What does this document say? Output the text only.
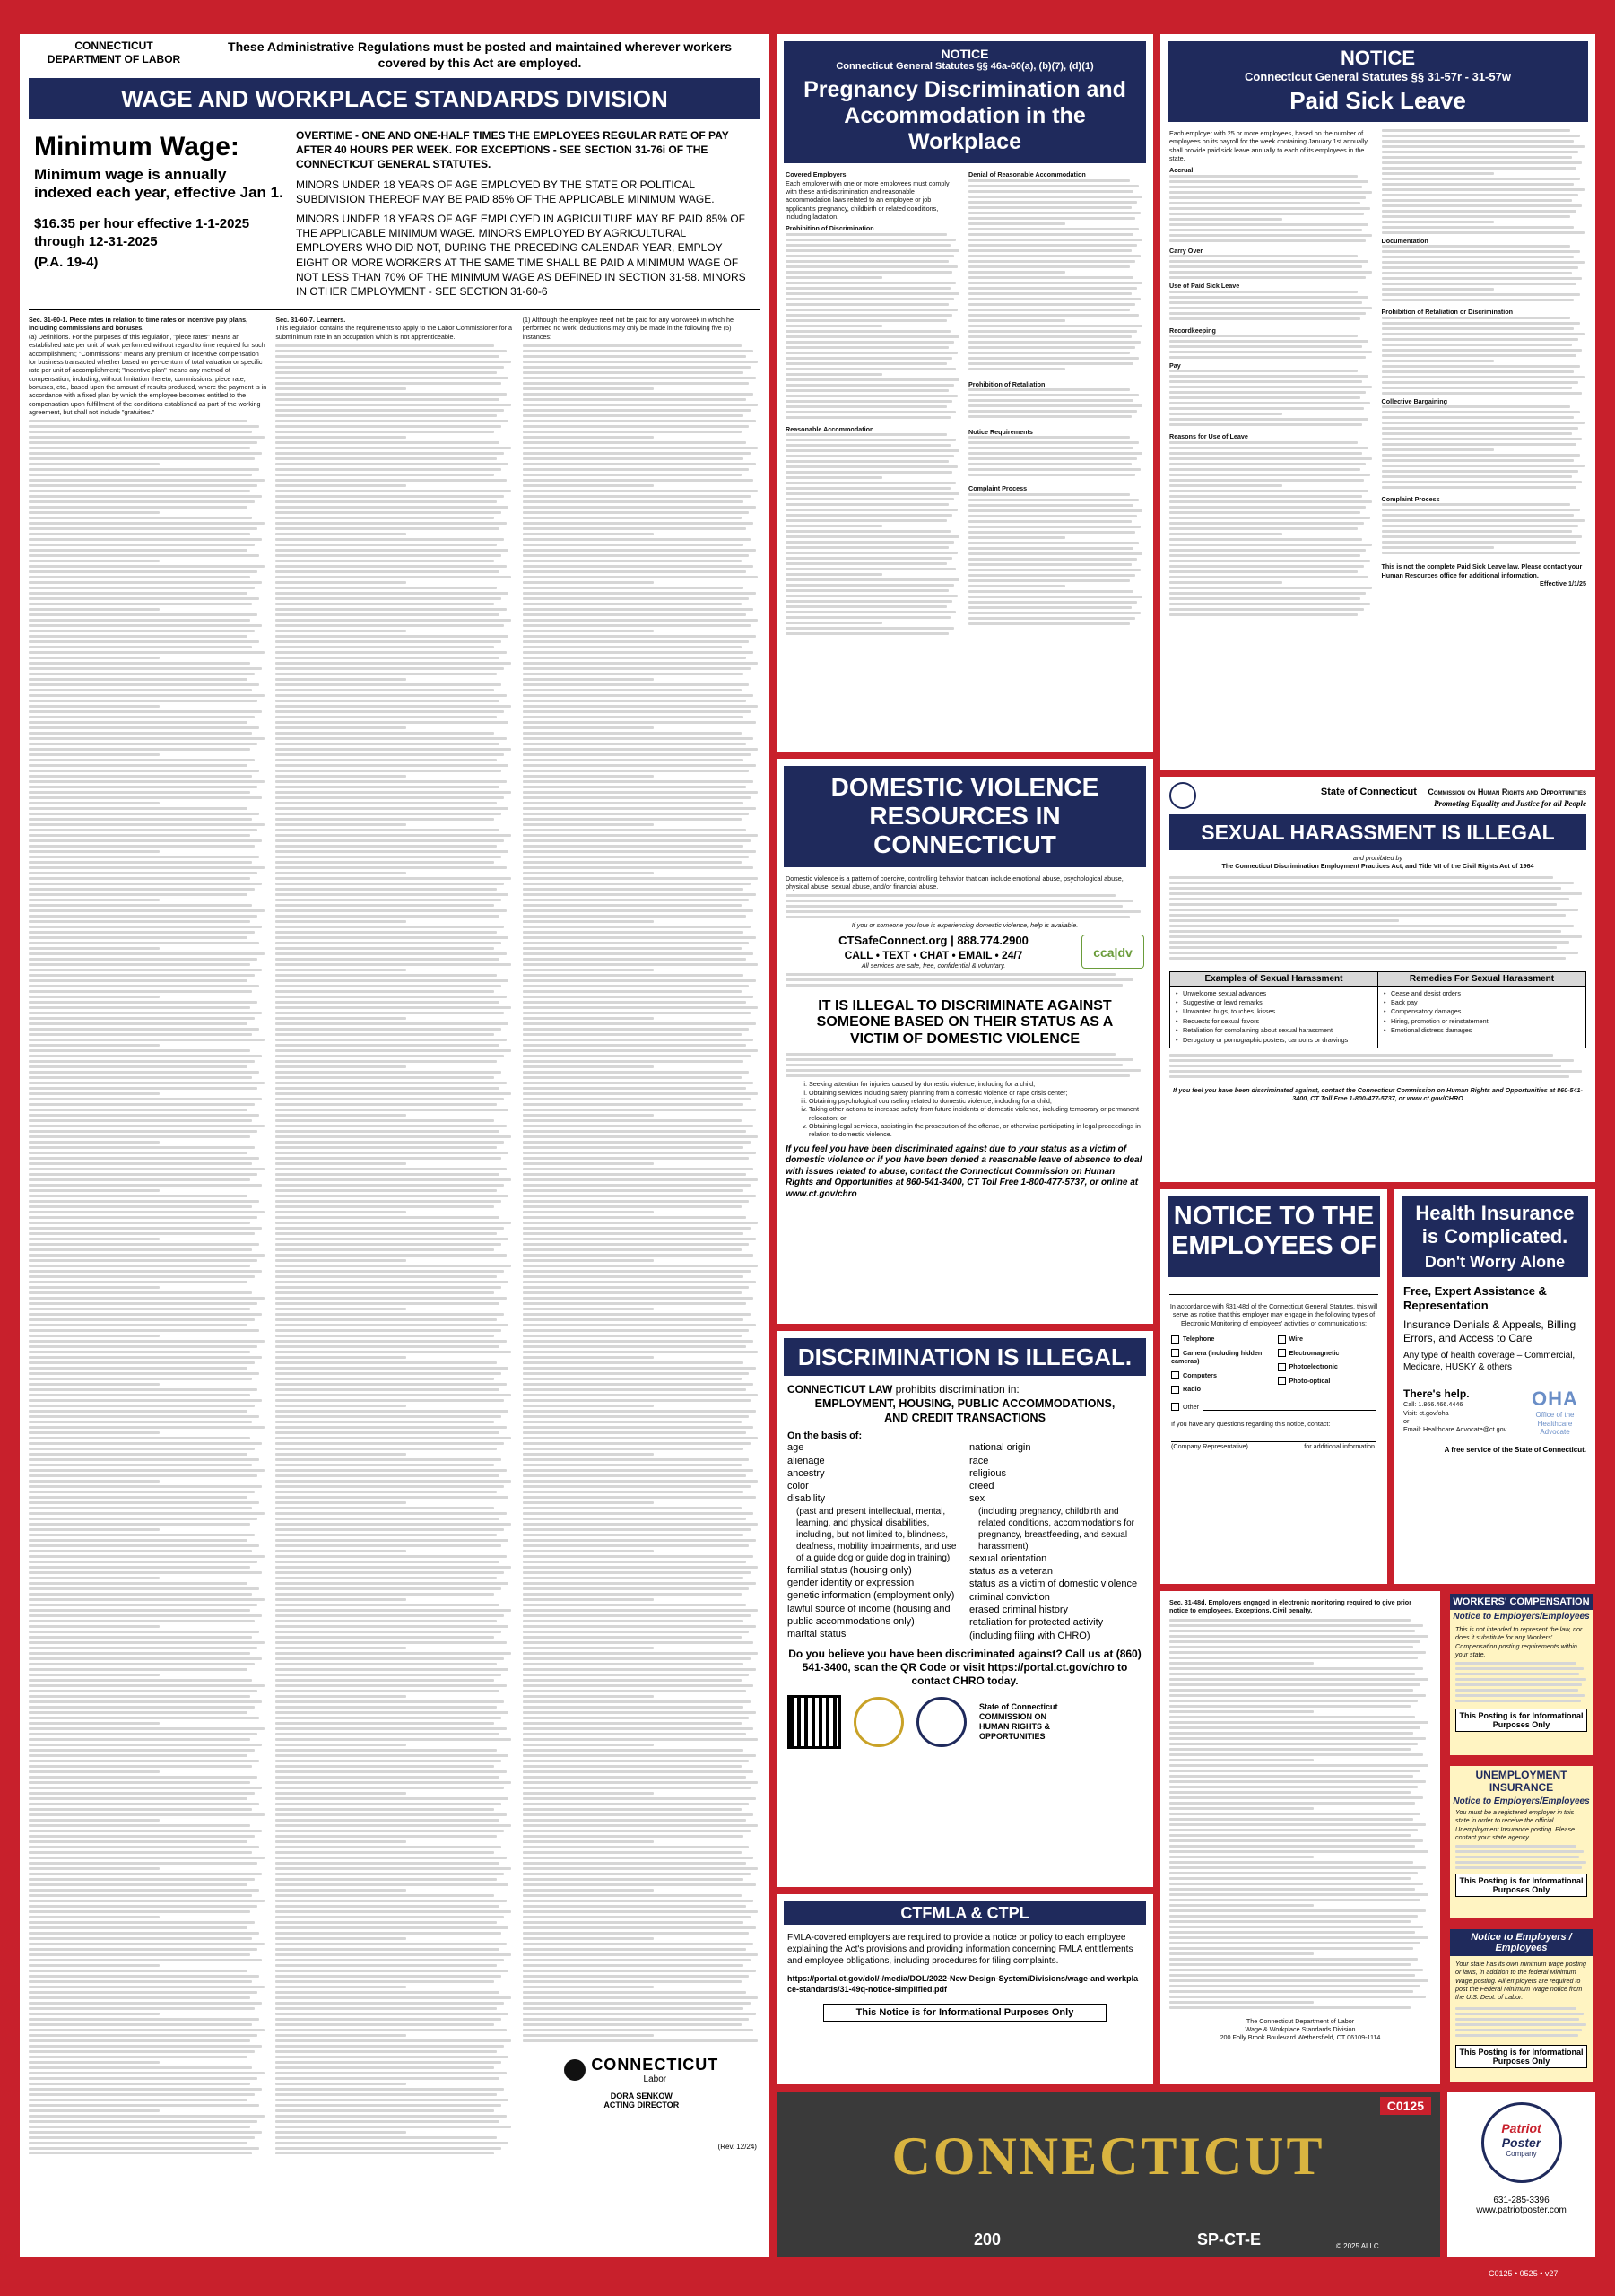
CONNECTICUT
DEPARTMENT OF LABOR
These Administrative Regulations must be posted and maintained wherever workers covered by this Act are employed.
WAGE AND WORKPLACE STANDARDS DIVISION
Minimum Wage:
Minimum wage is annually indexed each year, effective Jan 1.
$16.35 per hour effective 1-1-2025 through 12-31-2025
(P.A. 19-4)

OVERTIME - ONE AND ONE-HALF TIMES THE EMPLOYEES REGULAR RATE OF PAY AFTER 40 HOURS PER WEEK. FOR EXCEPTIONS - SEE SECTION 31-76i OF THE CONNECTICUT GENERAL STATUTES.

MINORS UNDER 18 YEARS OF AGE EMPLOYED BY THE STATE OR POLITICAL SUBDIVISION THEREOF MAY BE PAID 85% OF THE APPLICABLE MINIMUM WAGE.

MINORS UNDER 18 YEARS OF AGE EMPLOYED IN AGRICULTURE MAY BE PAID 85% OF THE APPLICABLE MINIMUM WAGE. MINORS EMPLOYED BY AGRICULTURAL EMPLOYERS WHO DID NOT, DURING THE PRECEDING CALENDAR YEAR, EMPLOY EIGHT OR MORE WORKERS AT THE SAME TIME SHALL BE PAID A MINIMUM WAGE OF NOT LESS THAN 70% OF THE MINIMUM WAGE AS DEFINED IN SECTION 31-58. MINORS IN OTHER EMPLOYMENT - SEE SECTION 31-60-6

Sec. 31-60-1. Piece rates in relation to time rates or incentive pay plans, including commissions and bonuses.
(a) Definitions. For the purposes of this regulation, "piece rates" means an established rate per unit of work performed without regard to time required for such accomplishment; "Commissions" means any premium or incentive compensation for business transacted whether based on per-centum of total valuation or specific rate per unit of accomplishment; "Incentive plan" means any method of compensation, including, without limitation thereto, commissions, piece rate, bonuses, etc., based upon the amount of results produced, where the payment is in accordance with a fixed plan by which the employee becomes entitled to the compensation upon fulfillment of the conditions established as part of the working agreement, but shall not include "gratuities."
Sec. 31-60-7. Learners.
This regulation contains the requirements to apply to the Labor Commissioner for a subminimum rate in an occupation which is not apprenticeable.
(1) Although the employee need not be paid for any workweek in which he performed no work, deductions may only be made in the following five (5) instances:
CONNECTICUT
Labor
DORA SENKOW
ACTING DIRECTOR
(Rev. 12/24)
NOTICE
Connecticut General Statutes §§ 46a-60(a), (b)(7), (d)(1)
Pregnancy Discrimination and Accommodation in the Workplace
Covered Employers
Each employer with one or more employees must comply with these anti-discrimination and reasonable accommodation laws related to an employee or job applicant's pregnancy, childbirth or related conditions, including lactation.
Prohibition of Discrimination
Reasonable Accommodation
Denial of Reasonable Accommodation
Prohibition of Retaliation
Notice Requirements
Complaint Process
NOTICE
Connecticut General Statutes §§ 31-57r - 31-57w
Paid Sick Leave
Each employer with 25 or more employees, based on the number of employees on its payroll for the week containing January 1st annually, shall provide paid sick leave annually to each of its employees in the state.
Accrual
Carry Over
Use of Paid Sick Leave
Recordkeeping
Pay
Reasons for Use of Leave
Documentation
Prohibition of Retaliation or Discrimination
Collective Bargaining
Complaint Process
This is not the complete Paid Sick Leave law. Please contact your Human Resources office for additional information.
Effective 1/1/25
DOMESTIC VIOLENCE RESOURCES IN CONNECTICUT
Domestic violence is a pattern of coercive, controlling behavior that can include emotional abuse, psychological abuse, physical abuse, sexual abuse, and/or financial abuse.
If you or someone you love is experiencing domestic violence, help is available.
CTSafeConnect.org | 888.774.2900
CALL • TEXT • CHAT • EMAIL • 24/7
All services are safe, free, confidential & voluntary.
cca|dv
IT IS ILLEGAL TO DISCRIMINATE AGAINST SOMEONE BASED ON THEIR STATUS AS A VICTIM OF DOMESTIC VIOLENCE
i. Seeking attention for injuries caused by domestic violence, including for a child;
ii. Obtaining services including safety planning from a domestic violence or rape crisis center;
iii. Obtaining psychological counseling related to domestic violence, including for a child;
iv. Taking other actions to increase safety from future incidents of domestic violence, including temporary or permanent relocation; or
v. Obtaining legal services, assisting in the prosecution of the offense, or otherwise participating in legal proceedings in relation to domestic violence.
If you feel you have been discriminated against due to your status as a victim of domestic violence or if you have been denied a reasonable leave of absence to deal with issues related to abuse, contact the Connecticut Commission on Human Rights and Opportunities at 860-541-3400, CT Toll Free 1-800-477-5737, or online at www.ct.gov/chro
State of Connecticut Commission on Human Rights and Opportunities
Promoting Equality and Justice for all People
SEXUAL HARASSMENT IS ILLEGAL
and prohibited by
The Connecticut Discrimination Employment Practices Act, and Title VII of the Civil Rights Act of 1964
Examples of Sexual Harassment
• Unwelcome sexual advances
• Suggestive or lewd remarks
• Unwanted hugs, touches, kisses
• Requests for sexual favors
• Retaliation for complaining about sexual harassment
• Derogatory or pornographic posters, cartoons or drawings
Remedies For Sexual Harassment
• Cease and desist orders
• Back pay
• Compensatory damages
• Hiring, promotion or reinstatement
• Emotional distress damages
If you feel you have been discriminated against, contact the Connecticut Commission on Human Rights and Opportunities at 860-541-3400, CT Toll Free 1-800-477-5737, or www.ct.gov/CHRO
NOTICE TO THE EMPLOYEES OF
In accordance with §31-48d of the Connecticut General Statutes, this will serve as notice that this employer may engage in the following types of Electronic Monitoring of employees' activities or communications:
Telephone
Camera (including hidden cameras)
Computers
Radio
Wire
Electromagnetic
Photoelectronic
Photo-optical
Other
If you have any questions regarding this notice, contact:
(Company Representative)	for additional information.
Health Insurance is Complicated.
Don't Worry Alone
Free, Expert Assistance & Representation
Insurance Denials & Appeals, Billing Errors, and Access to Care
Any type of health coverage – Commercial, Medicare, HUSKY & others
There's help.
Call: 1.866.466.4446
Visit: ct.gov/oha
or
Email: Healthcare.Advocate@ct.gov
OHA
Office of the Healthcare Advocate
A free service of the State of Connecticut.
DISCRIMINATION IS ILLEGAL.
CONNECTICUT LAW prohibits discrimination in:
EMPLOYMENT, HOUSING, PUBLIC ACCOMMODATIONS, AND CREDIT TRANSACTIONS
On the basis of:
age
alienage
ancestry
color
disability
(past and present intellectual, mental, learning, and physical disabilities, including, but not limited to, blindness, deafness, mobility impairments, and use of a guide dog or guide dog in training)
familial status (housing only)
gender identity or expression
genetic information (employment only)
lawful source of income (housing and public accommodations only)
marital status
national origin
race
religious
creed
sex
(including pregnancy, childbirth and related conditions, accommodations for pregnancy, breastfeeding, and sexual harassment)
sexual orientation
status as a veteran
status as a victim of domestic violence
criminal conviction
erased criminal history
retaliation for protected activity (including filing with CHRO)
Do you believe you have been discriminated against? Call us at (860) 541-3400, scan the QR Code or visit https://portal.ct.gov/chro to contact CHRO today.
State of Connecticut COMMISSION ON HUMAN RIGHTS & OPPORTUNITIES
CTFMLA & CTPL
FMLA-covered employers are required to provide a notice or policy to each employee explaining the Act's provisions and providing information concerning FMLA entitlements and employee obligations, including procedures for filing complaints.
https://portal.ct.gov/dol/-/media/DOL/2022-New-Design-System/Divisions/wage-and-workplace-standards/31-49q-notice-simplified.pdf
This Notice is for Informational Purposes Only
Sec. 31-48d. Employers engaged in electronic monitoring required to give prior notice to employees. Exceptions. Civil penalty.
The Connecticut Department of Labor
Wage & Workplace Standards Division
200 Folly Brook Boulevard Wethersfield, CT 06109-1114
WORKERS' COMPENSATION
Notice to Employers/Employees
This is not intended to represent the law, nor does it substitute for any Workers' Compensation posting requirements within your state.
This Posting is for Informational Purposes Only
UNEMPLOYMENT INSURANCE
Notice to Employers/Employees
You must be a registered employer in this state in order to receive the official Unemployment Insurance posting. Please contact your state agency.
This Posting is for Informational Purposes Only
Notice to Employers / Employees
Your state has its own minimum wage posting or laws, in addition to the federal Minimum Wage posting. All employers are required to post the Federal Minimum Wage notice from the U.S. Dept. of Labor.
This Posting is for Informational Purposes Only
C0125
CONNECTICUT
200	SP-CT-E
Patriot
Poster
Company
631-285-3396
www.patriotposter.com
© 2025 ALLC
C0125 • 0525 • v27
